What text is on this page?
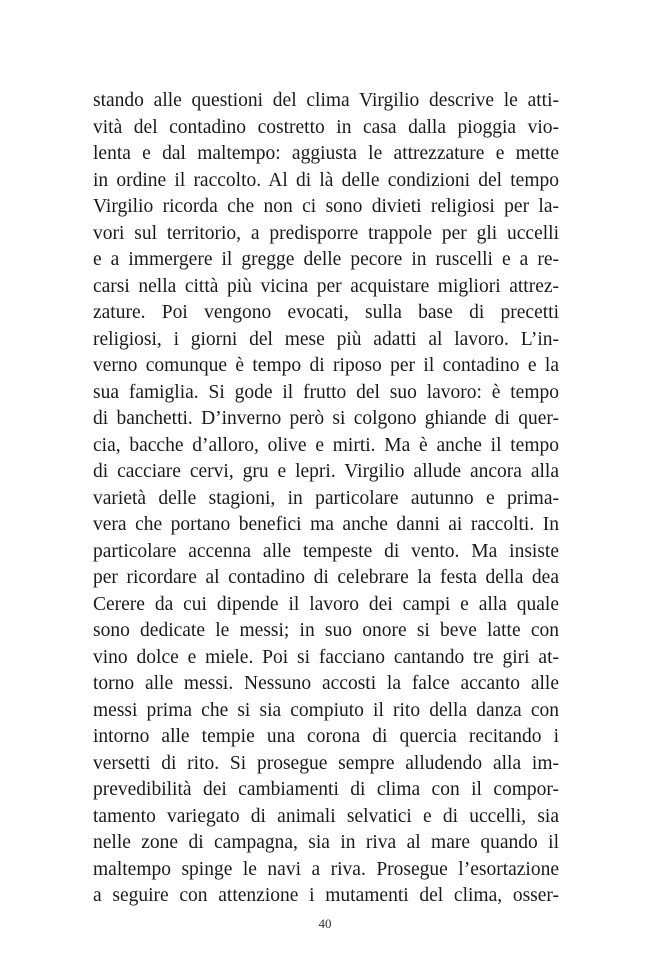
stando alle questioni del clima Virgilio descrive le atti-
vità del contadino costretto in casa dalla pioggia vio-
lenta e dal maltempo: aggiusta le attrezzature e mette
in ordine il raccolto. Al di là delle condizioni del tempo
Virgilio ricorda che non ci sono divieti religiosi per la-
vori sul territorio, a predisporre trappole per gli uccelli
e a immergere il gregge delle pecore in ruscelli e a re-
carsi nella città più vicina per acquistare migliori attrez-
zature. Poi vengono evocati, sulla base di precetti
religiosi, i giorni del mese più adatti al lavoro. L’in-
verno comunque è tempo di riposo per il contadino e la
sua famiglia. Si gode il frutto del suo lavoro: è tempo
di banchetti. D’inverno però si colgono ghiande di quer-
cia, bacche d’alloro, olive e mirti. Ma è anche il tempo
di cacciare cervi, gru e lepri. Virgilio allude ancora alla
varietà delle stagioni, in particolare autunno e prima-
vera che portano benefici ma anche danni ai raccolti. In
particolare accenna alle tempeste di vento. Ma insiste
per ricordare al contadino di celebrare la festa della dea
Cerere da cui dipende il lavoro dei campi e alla quale
sono dedicate le messi; in suo onore si beve latte con
vino dolce e miele. Poi si facciano cantando tre giri at-
torno alle messi. Nessuno accosti la falce accanto alle
messi prima che si sia compiuto il rito della danza con
intorno alle tempie una corona di quercia recitando i
versetti di rito. Si prosegue sempre alludendo alla im-
prevedibilità dei cambiamenti di clima con il compor-
tamento variegato di animali selvatici e di uccelli, sia
nelle zone di campagna, sia in riva al mare quando il
maltempo spinge le navi a riva. Prosegue l’esortazione
a seguire con attenzione i mutamenti del clima, osser-
40
